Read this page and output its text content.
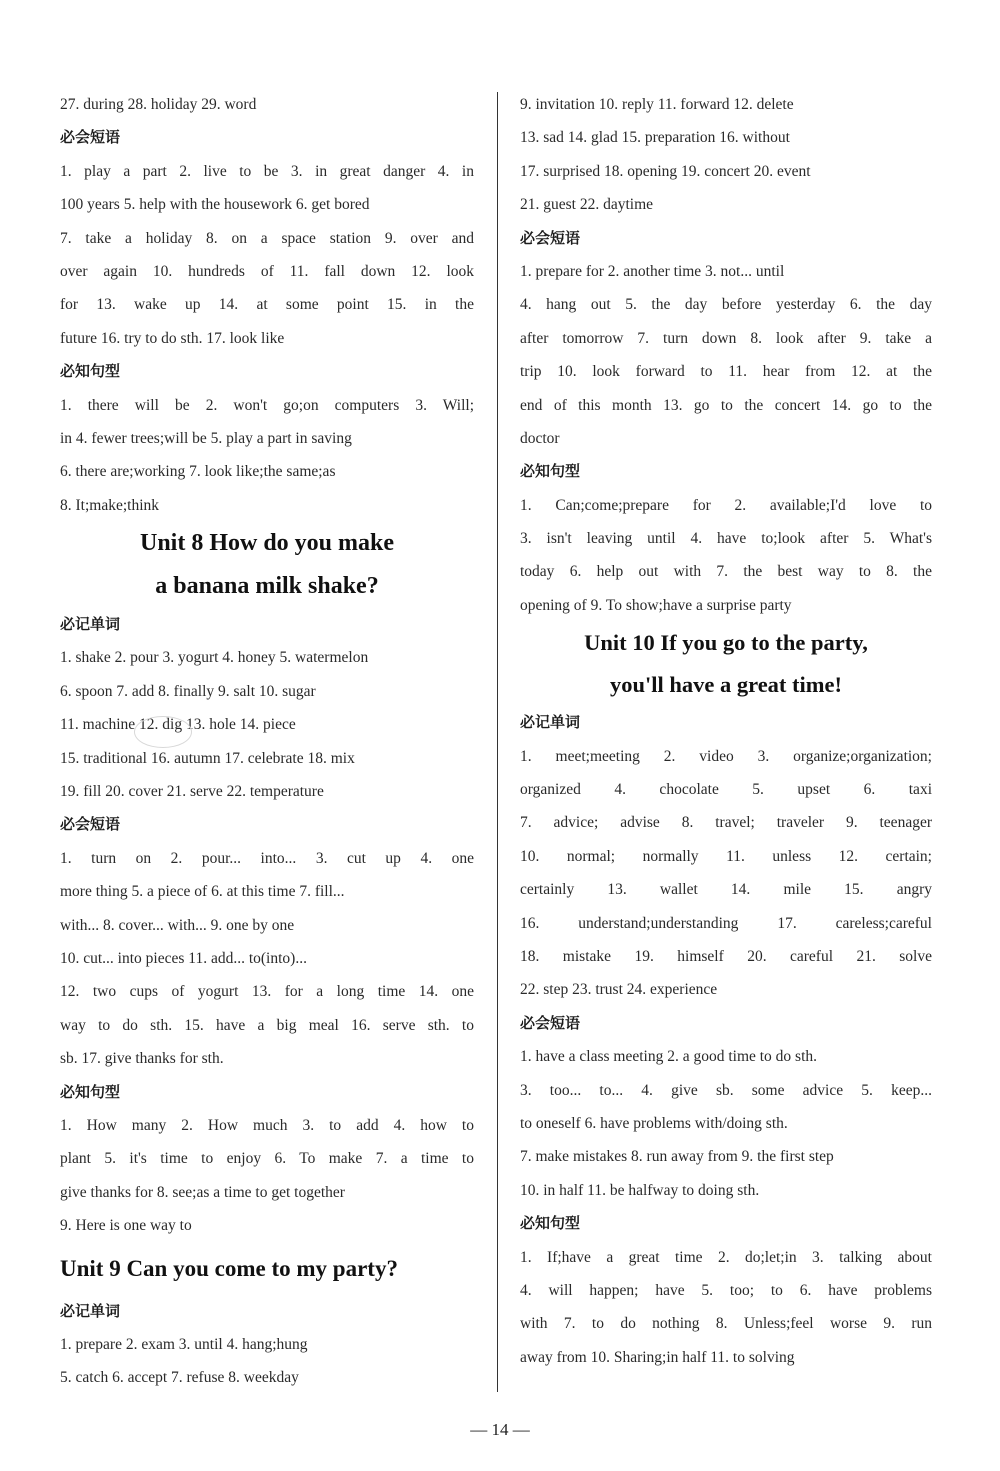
27. during 28. holiday 29. word
必会短语
1. play a part 2. live to be 3. in great danger 4. in
100 years 5. help with the housework 6. get bored
7. take a holiday 8. on a space station 9. over and
over again 10. hundreds of 11. fall down 12. look
for 13. wake up 14. at some point 15. in the
future 16. try to do sth. 17. look like
必知句型
1. there will be 2. won't go;on computers 3. Will;
in 4. fewer trees;will be 5. play a part in saving
6. there are;working 7. look like;the same;as
8. It;make;think
Unit 8 How do you make
a banana milk shake?
必记单词
1. shake 2. pour 3. yogurt 4. honey 5. watermelon
6. spoon 7. add 8. finally 9. salt 10. sugar
11. machine 12. dig 13. hole 14. piece
15. traditional 16. autumn 17. celebrate 18. mix
19. fill 20. cover 21. serve 22. temperature
必会短语
1. turn on 2. pour... into... 3. cut up 4. one
more thing 5. a piece of 6. at this time 7. fill...
with... 8. cover... with... 9. one by one
10. cut... into pieces 11. add... to(into)...
12. two cups of yogurt 13. for a long time 14. one
way to do sth. 15. have a big meal 16. serve sth. to
sb. 17. give thanks for sth.
必知句型
1. How many 2. How much 3. to add 4. how to
plant 5. it's time to enjoy 6. To make 7. a time to
give thanks for 8. see;as a time to get together
9. Here is one way to
Unit 9 Can you come to my party?
必记单词
1. prepare 2. exam 3. until 4. hang;hung
5. catch 6. accept 7. refuse 8. weekday
9. invitation 10. reply 11. forward 12. delete
13. sad 14. glad 15. preparation 16. without
17. surprised 18. opening 19. concert 20. event
21. guest 22. daytime
必会短语
1. prepare for 2. another time 3. not... until
4. hang out 5. the day before yesterday 6. the day
after tomorrow 7. turn down 8. look after 9. take a
trip 10. look forward to 11. hear from 12. at the
end of this month 13. go to the concert 14. go to the
doctor
必知句型
1. Can;come;prepare for 2. available;I'd love to
3. isn't leaving until 4. have to;look after 5. What's
today 6. help out with 7. the best way to 8. the
opening of 9. To show;have a surprise party
Unit 10 If you go to the party,
you'll have a great time!
必记单词
1. meet;meeting 2. video 3. organize;organization;
organized 4. chocolate 5. upset 6. taxi
7. advice; advise 8. travel; traveler 9. teenager
10. normal; normally 11. unless 12. certain;
certainly 13. wallet 14. mile 15. angry
16. understand;understanding 17. careless;careful
18. mistake 19. himself 20. careful 21. solve
22. step 23. trust 24. experience
必会短语
1. have a class meeting 2. a good time to do sth.
3. too... to... 4. give sb. some advice 5. keep...
to oneself 6. have problems with/doing sth.
7. make mistakes 8. run away from 9. the first step
10. in half 11. be halfway to doing sth.
必知句型
1. If;have a great time 2. do;let;in 3. talking about
4. will happen; have 5. too; to 6. have problems
with 7. to do nothing 8. Unless;feel worse 9. run
away from 10. Sharing;in half 11. to solving
— 14 —
